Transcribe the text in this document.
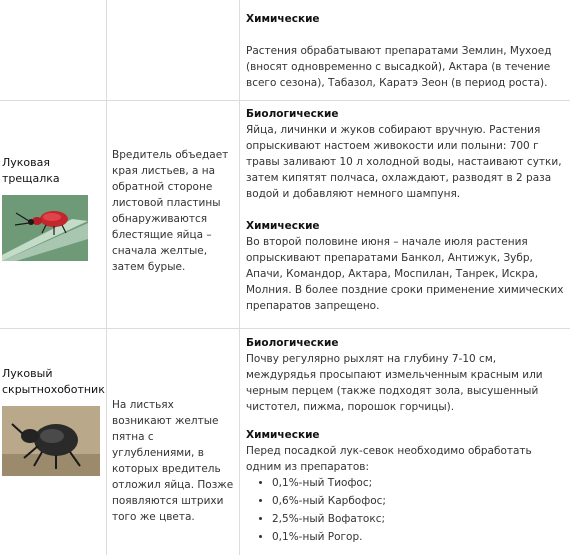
Химические

Растения обрабатывают препаратами Землин, Мухоед (вносят одновременно с высадкой), Актара (в течение всего сезона), Табазол, Каратэ Зеон (в период роста).

Луковая трещалка

Вредитель объедает края листьев, а на обратной стороне листовой пластины обнаруживаются блестящие яйца – сначала желтые, затем бурые.

Биологические

Яйца, личинки и жуков собирают вручную. Растения опрыскивают настоем живокости или полыни: 700 г травы заливают 10 л холодной воды, настаивают сутки, затем кипятят полчаса, охлаждают, разводят в 2 раза водой и добавляют немного шампуня.

Химические

Во второй половине июня – начале июля растения опрыскивают препаратами Банкол, Антижук, Зубр, Апачи, Командор, Актара, Моспилан, Танрек, Искра, Молния. В более поздние сроки применение химических препаратов запрещено.

Луковый скрытнохоботник

На листьях возникают желтые пятна с углублениями, в которых вредитель отложил яйца. Позже появляются штрихи того же цвета.

Биологические

Почву регулярно рыхлят на глубину 7-10 см, междурядья просыпают измельченным красным или черным перцем (также подходят зола, высушенный чистотел, пижма, порошок горчицы).

Химические

Перед посадкой лук-севок необходимо обработать одним из препаратов:

• 0,1%-ный Тиофос;
• 0,6%-ный Карбофос;
• 2,5%-ный Вофатокс;
• 0,1%-ный Рогор.
